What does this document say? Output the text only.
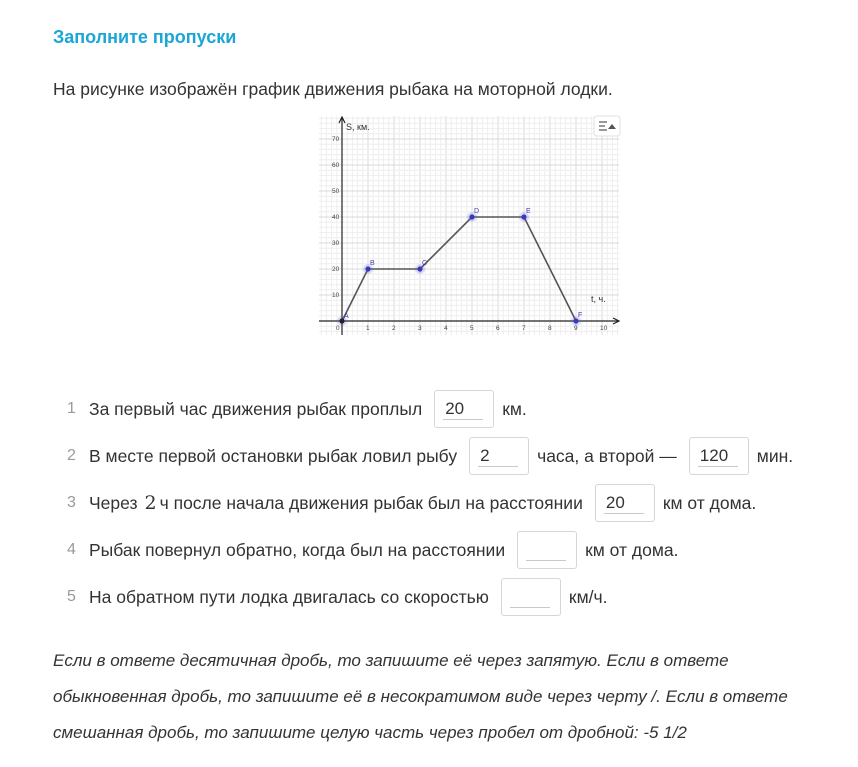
Заполните пропуски
На рисунке изображён график движения рыбака на моторной лодки.
0	1	2	3	4	5	6	7	8	9	10
10
20
30
40
50
60
70
A
B	C
D	E
F
S, км.
t, ч.
1 За первый час движения рыбак проплыл	20	км.
2 В месте первой остановки рыбак ловил рыбу	2	часа, а второй —	120	мин.
3 Через 2 ч после начала движения рыбак был на расстоянии	20	км от дома.
4 Рыбак повернул обратно, когда был на расстоянии	км от дома.
5 На обратном пути лодка двигалась со скоростью	км/ч.
Если в ответе десятичная дробь, то запишите её через запятую. Если в ответе
обыкновенная дробь, то запишите её в несократимом виде через черту /. Если в ответе
смешанная дробь, то запишите целую часть через пробел от дробной: -5 1/2
